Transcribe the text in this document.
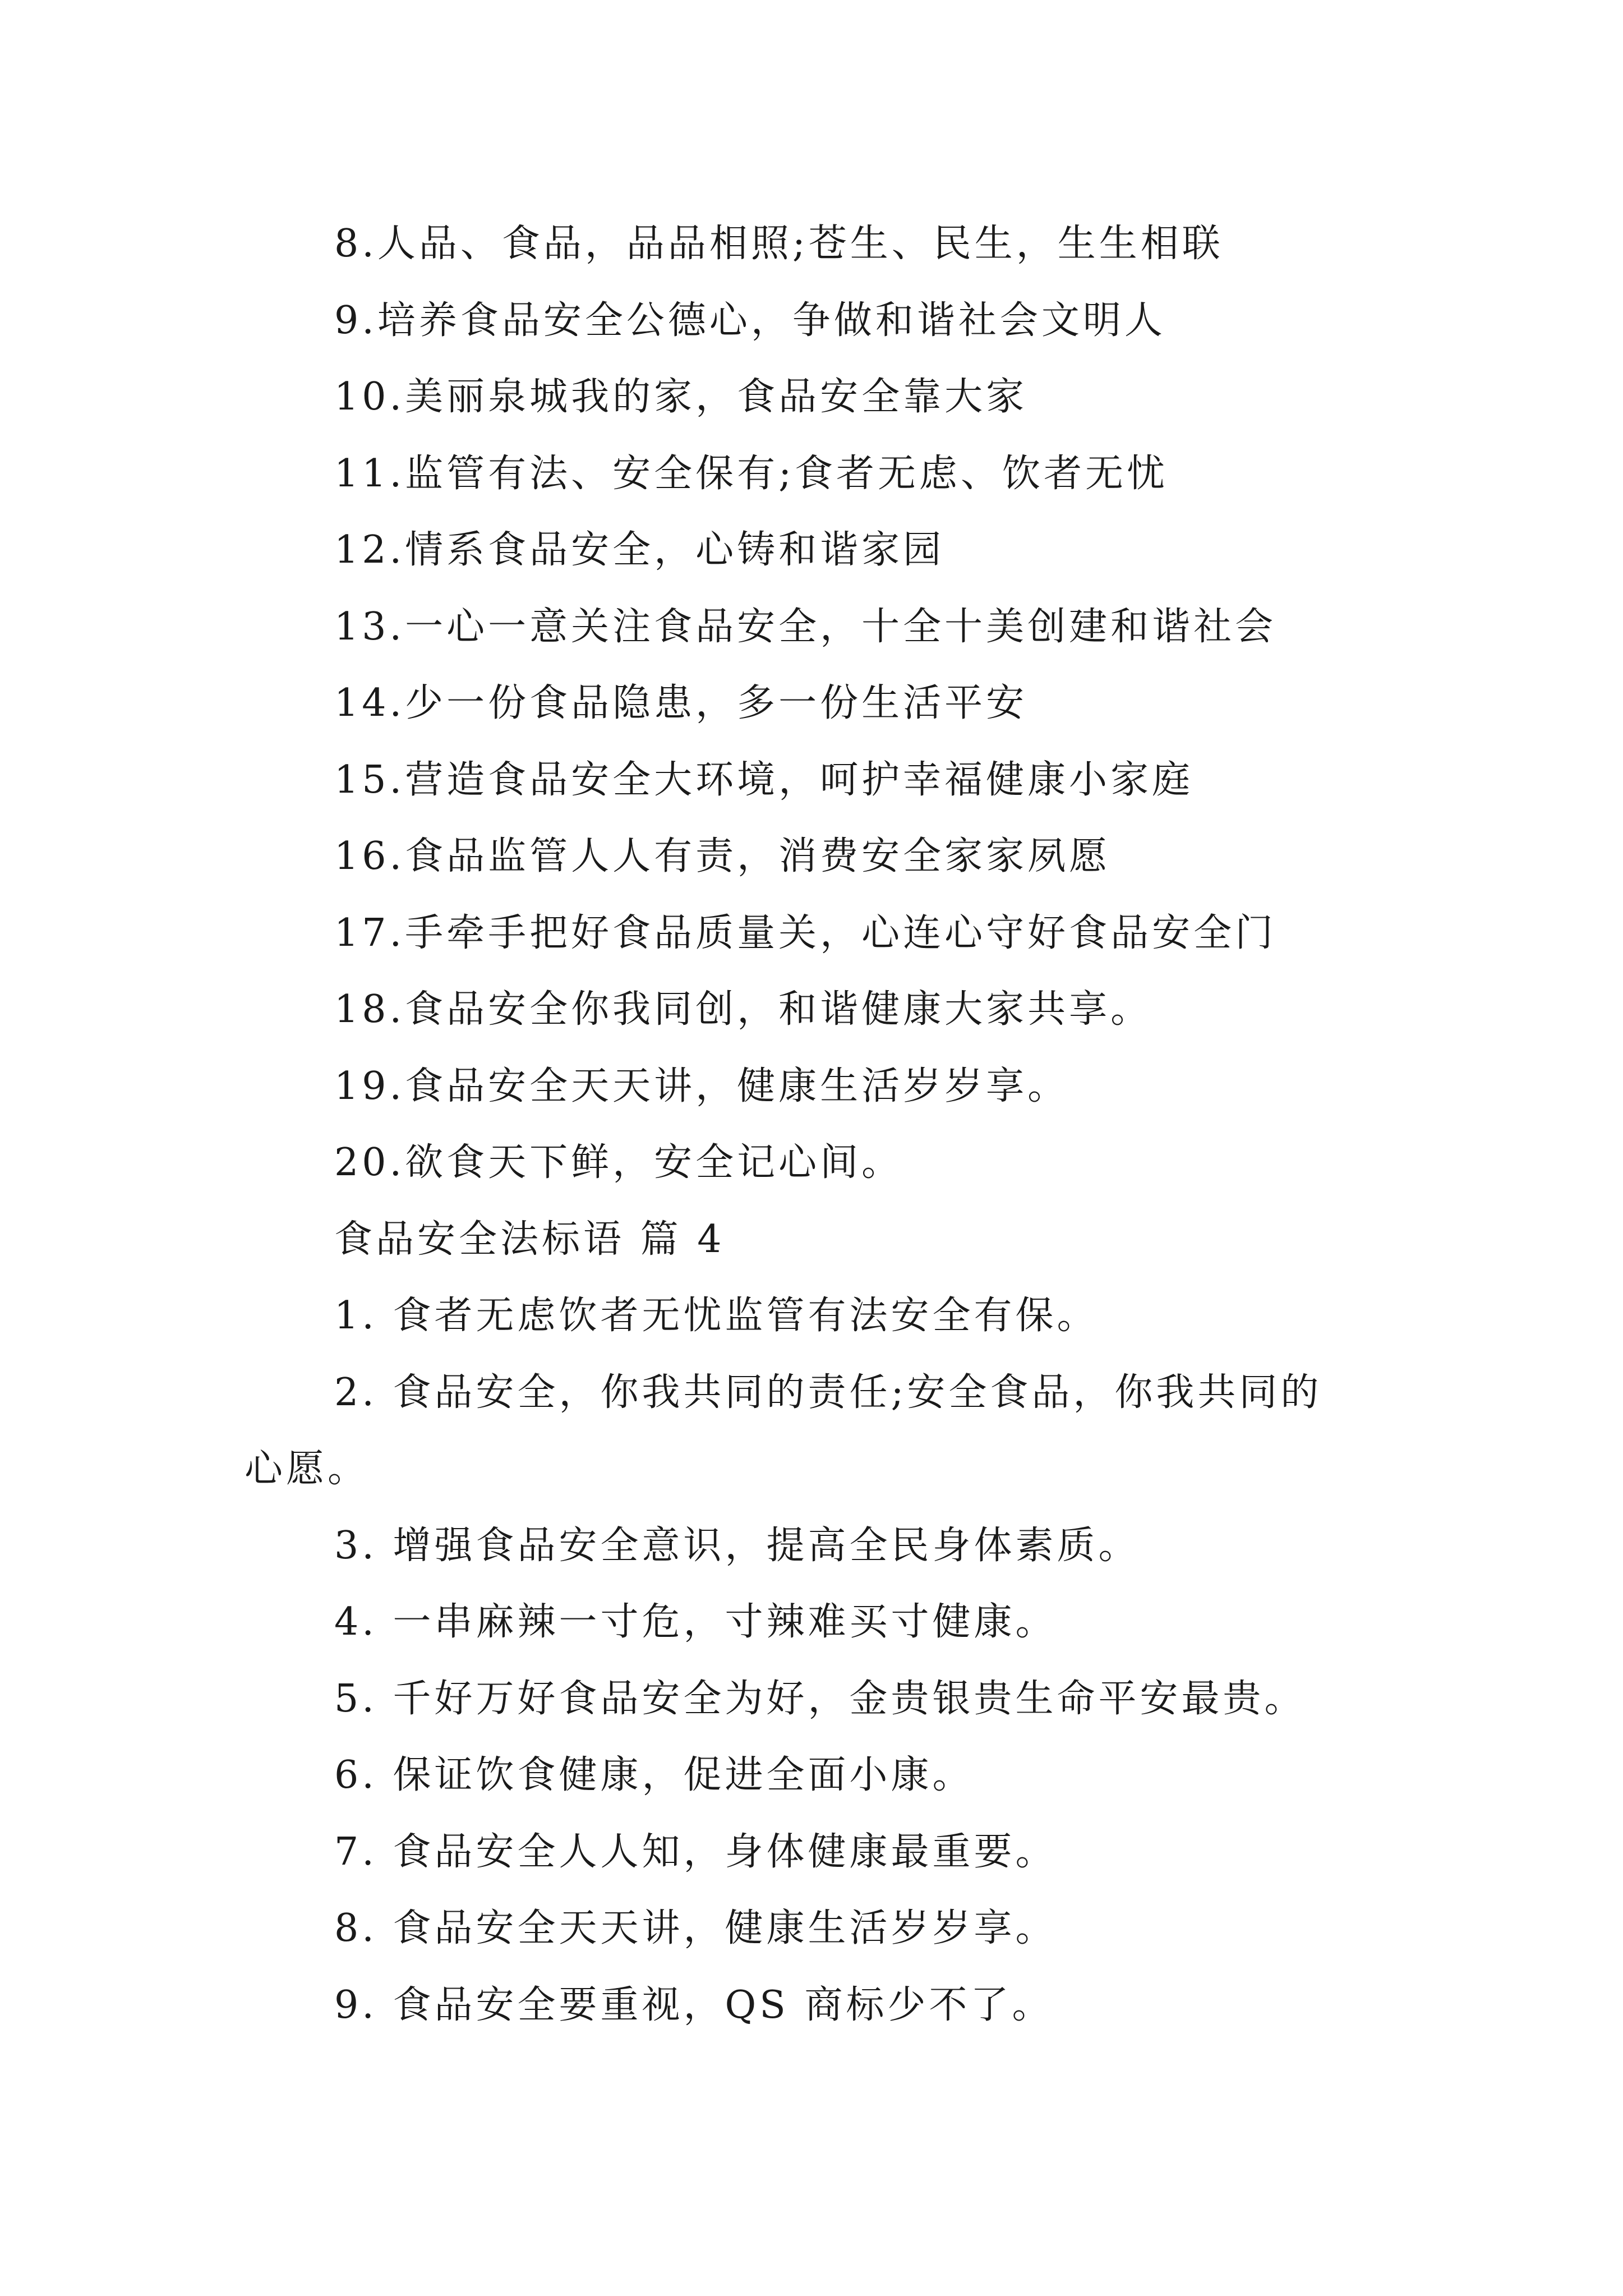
8.人品、食品，品品相照;苍生、民生，生生相联
9.培养食品安全公德心，争做和谐社会文明人
10.美丽泉城我的家，食品安全靠大家
11.监管有法、安全保有;食者无虑、饮者无忧
12.情系食品安全，心铸和谐家园
13.一心一意关注食品安全，十全十美创建和谐社会
14.少一份食品隐患，多一份生活平安
15.营造食品安全大环境，呵护幸福健康小家庭
16.食品监管人人有责，消费安全家家夙愿
17.手牵手把好食品质量关，心连心守好食品安全门
18.食品安全你我同创，和谐健康大家共享。
19.食品安全天天讲，健康生活岁岁享。
20.欲食天下鲜，安全记心间。
食品安全法标语 篇 4
1. 食者无虑饮者无忧监管有法安全有保。
2. 食品安全，你我共同的责任;安全食品，你我共同的
心愿。
3. 增强食品安全意识，提高全民身体素质。
4. 一串麻辣一寸危，寸辣难买寸健康。
5. 千好万好食品安全为好，金贵银贵生命平安最贵。
6. 保证饮食健康，促进全面小康。
7. 食品安全人人知，身体健康最重要。
8. 食品安全天天讲，健康生活岁岁享。
9. 食品安全要重视，QS 商标少不了。
